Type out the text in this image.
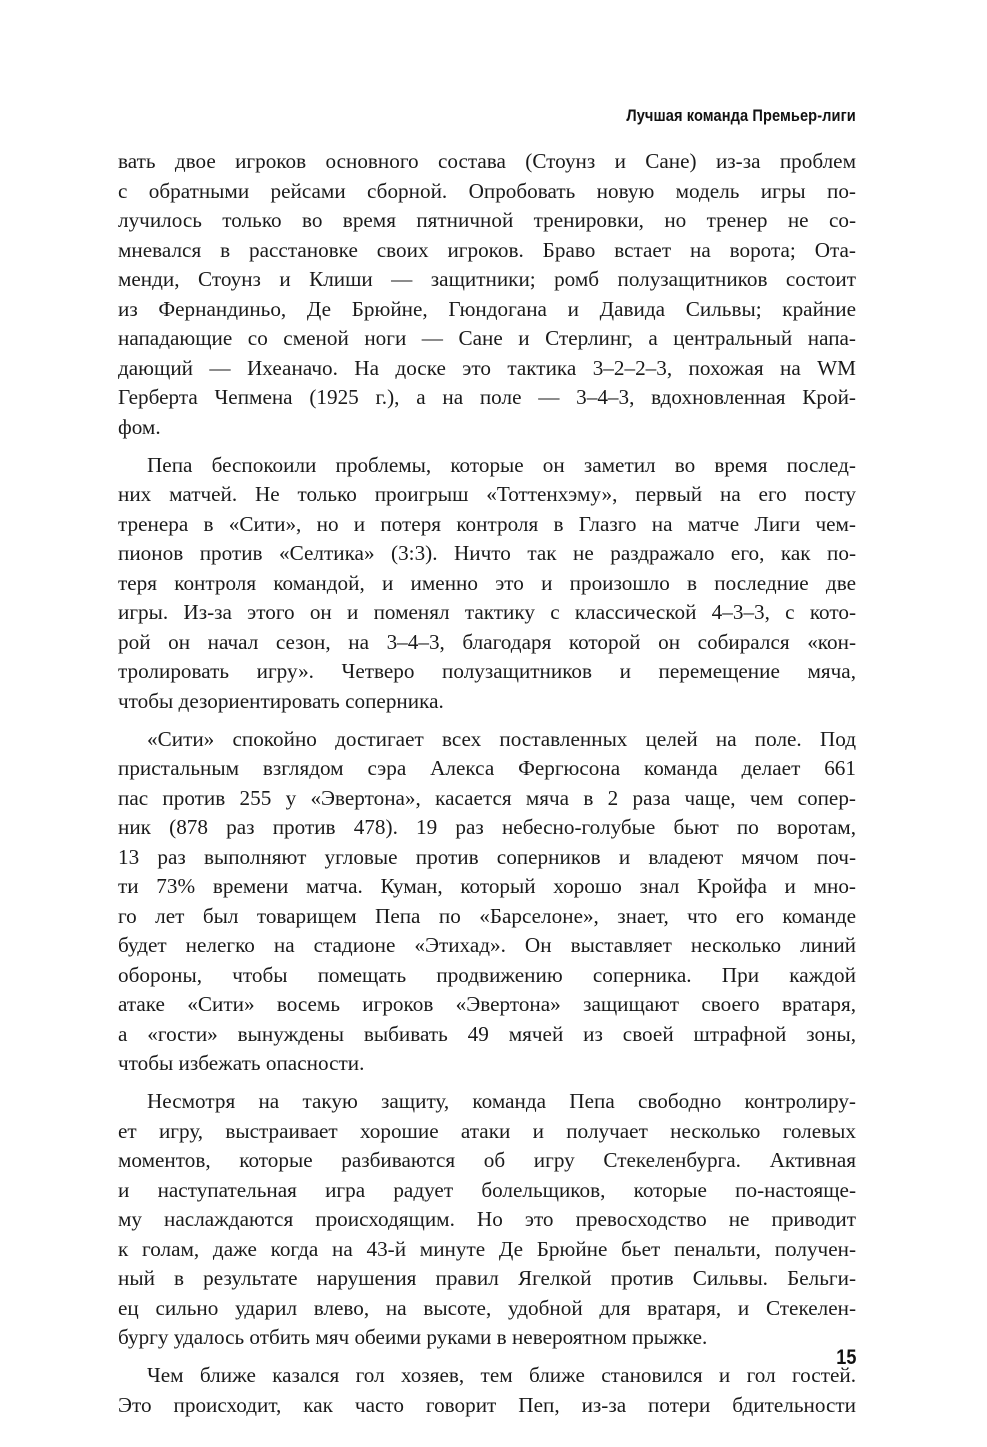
Лучшая команда Премьер-лиги
вать двое игроков основного состава (Стоунз и Сане) из-за проблем
с обратными рейсами сборной. Опробовать новую модель игры по-
лучилось только во время пятничной тренировки, но тренер не со-
мневался в расстановке своих игроков. Браво встает на ворота; Ота-
менди, Стоунз и Клиши — защитники; ромб полузащитников состоит
из Фернандиньо, Де Брюйне, Гюндогана и Давида Сильвы; крайние
нападающие со сменой ноги — Сане и Стерлинг, а центральный напа-
дающий — Ихеаначо. На доске это тактика 3–2–2–3, похожая на WM
Герберта Чепмена (1925 г.), а на поле — 3–4–3, вдохновленная Крой-
фом.
Пепа беспокоили проблемы, которые он заметил во время послед-
них матчей. Не только проигрыш «Тоттенхэму», первый на его посту
тренера в «Сити», но и потеря контроля в Глазго на матче Лиги чем-
пионов против «Селтика» (3:3). Ничто так не раздражало его, как по-
теря контроля командой, и именно это и произошло в последние две
игры. Из-за этого он и поменял тактику с классической 4–3–3, с кото-
рой он начал сезон, на 3–4–3, благодаря которой он собирался «кон-
тролировать игру». Четверо полузащитников и перемещение мяча,
чтобы дезориентировать соперника.
«Сити» спокойно достигает всех поставленных целей на поле. Под
пристальным взглядом сэра Алекса Фергюсона команда делает 661
пас против 255 у «Эвертона», касается мяча в 2 раза чаще, чем сопер-
ник (878 раз против 478). 19 раз небесно-голубые бьют по воротам,
13 раз выполняют угловые против соперников и владеют мячом поч-
ти 73% времени матча. Куман, который хорошо знал Кройфа и мно-
го лет был товарищем Пепа по «Барселоне», знает, что его команде
будет нелегко на стадионе «Этихад». Он выставляет несколько линий
обороны, чтобы помещать продвижению соперника. При каждой
атаке «Сити» восемь игроков «Эвертона» защищают своего вратаря,
а «гости» вынуждены выбивать 49 мячей из своей штрафной зоны,
чтобы избежать опасности.
Несмотря на такую защиту, команда Пепа свободно контролиру-
ет игру, выстраивает хорошие атаки и получает несколько голевых
моментов, которые разбиваются об игру Стекеленбурга. Активная
и наступательная игра радует болельщиков, которые по-настояще-
му наслаждаются происходящим. Но это превосходство не приводит
к голам, даже когда на 43-й минуте Де Брюйне бьет пенальти, получен-
ный в результате нарушения правил Ягелкой против Сильвы. Бельги-
ец сильно ударил влево, на высоте, удобной для вратаря, и Стекелен-
бургу удалось отбить мяч обеими руками в невероятном прыжке.
Чем ближе казался гол хозяев, тем ближе становился и гол гостей.
Это происходит, как часто говорит Пеп, из-за потери бдительности
15
